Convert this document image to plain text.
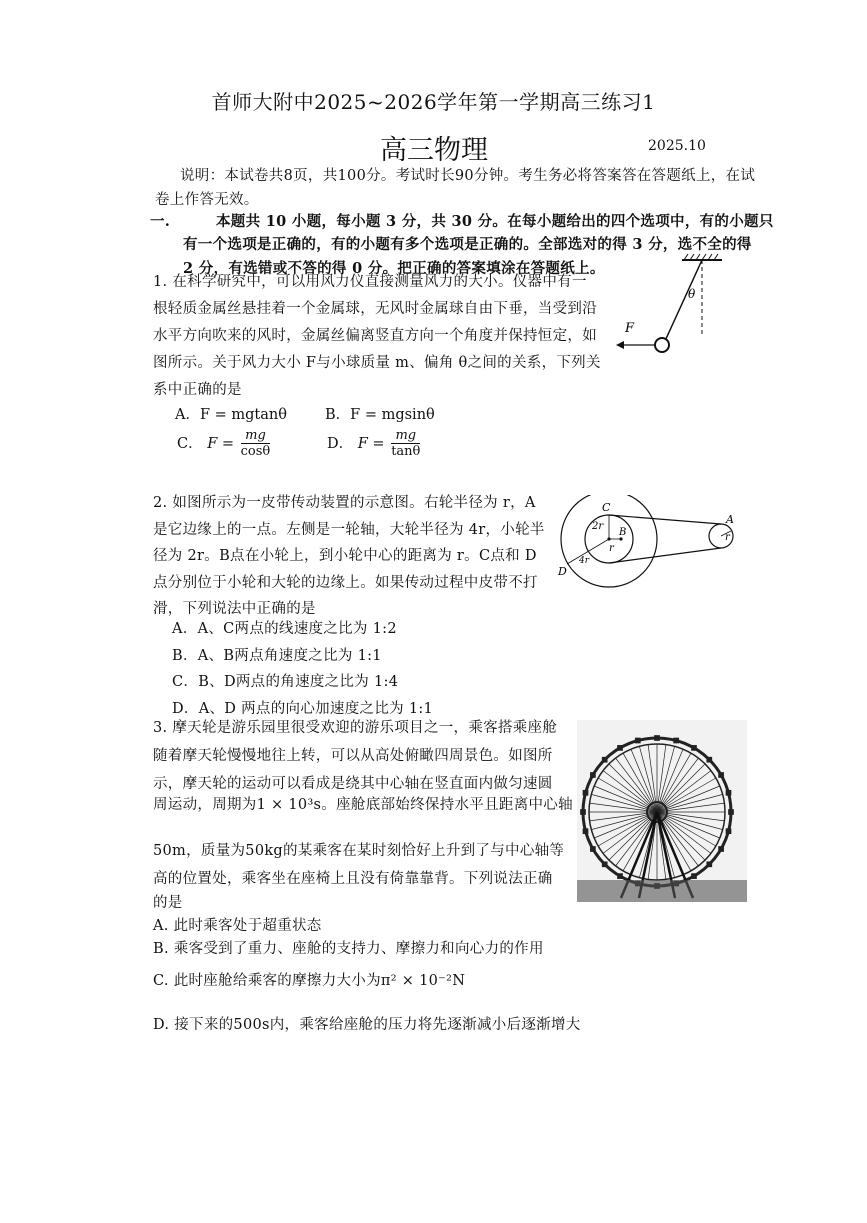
首师大附中2025~2026学年第一学期高三练习1
高三物理	2025.10
说明：本试卷共8页，共100分。考试时长90分钟。考生务必将答案答在答题纸上，在试
卷上作答无效。
一.	本题共 10 小题，每小题 3 分，共 30 分。在每小题给出的四个选项中，有的小题只
有一个选项是正确的，有的小题有多个选项是正确的。全部选对的得 3 分，选不全的得
2 分，有选错或不答的得 0 分。把正确的答案填涂在答题纸上。
1. 在科学研究中，可以用风力仪直接测量风力的大小。仪器中有一
根轻质金属丝悬挂着一个金属球，无风时金属球自由下垂，当受到沿
水平方向吹来的风时，金属丝偏离竖直方向一个角度并保持恒定，如
图所示。关于风力大小 F与小球质量 m、偏角 θ之间的关系，下列关
系中正确的是
A．F = mgtanθ	B．F = mgsinθ
C． $F = \frac{mg}{\cos\theta}$	D． $F = \frac{mg}{\tan\theta}$
F
θ
2. 如图所示为一皮带传动装置的示意图。右轮半径为 r，A
是它边缘上的一点。左侧是一轮轴，大轮半径为 4r，小轮半
径为 2r。B点在小轮上，到小轮中心的距离为 r。C点和 D
点分别位于小轮和大轮的边缘上。如果传动过程中皮带不打
滑，下列说法中正确的是
A．A、C两点的线速度之比为 1:2
B．A、B两点角速度之比为 1:1
C．B、D两点的角速度之比为 1:4
D．A、D 两点的向心加速度之比为 1:1
C
2r
B
r
4r
D
r
A
3. 摩天轮是游乐园里很受欢迎的游乐项目之一，乘客搭乘座舱
随着摩天轮慢慢地往上转，可以从高处俯瞰四周景色。如图所
示，摩天轮的运动可以看成是绕其中心轴在竖直面内做匀速圆
周运动，周期为1 × 10³s。座舱底部始终保持水平且距离中心轴
50m，质量为50kg的某乘客在某时刻恰好上升到了与中心轴等
高的位置处，乘客坐在座椅上且没有倚靠靠背。下列说法正确
的是
A. 此时乘客处于超重状态
B. 乘客受到了重力、座舱的支持力、摩擦力和向心力的作用
C. 此时座舱给乘客的摩擦力大小为π² × 10⁻²N
D. 接下来的500s内，乘客给座舱的压力将先逐渐减小后逐渐增大
